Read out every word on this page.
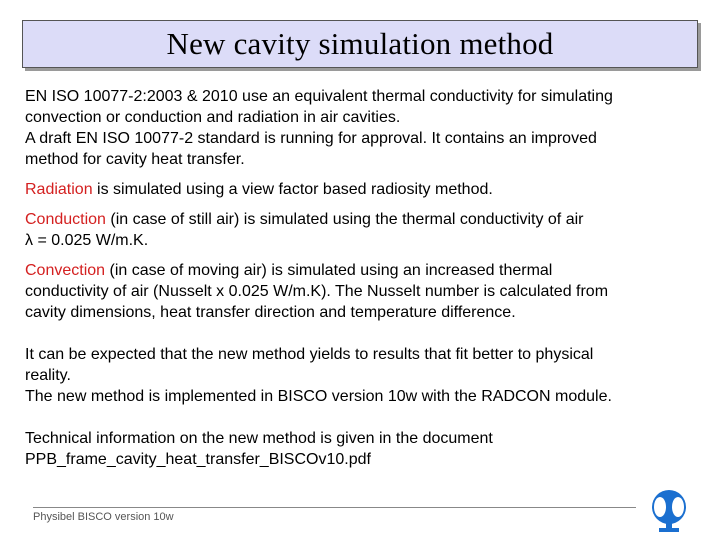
New cavity simulation method

EN ISO 10077-2:2003 & 2010 use an equivalent thermal conductivity for simulating

convection or conduction and radiation in air cavities.

A draft EN ISO 10077-2 standard is running for approval. It contains an improved

method for cavity heat transfer.

Radiation is simulated using a view factor based radiosity method.

Conduction (in case of still air) is simulated using the thermal conductivity of air

λ = 0.025 W/m.K.

Convection (in case of moving air) is simulated using an increased thermal

conductivity of air (Nusselt x 0.025 W/m.K). The Nusselt number is calculated from

cavity dimensions, heat transfer direction and temperature difference.

It can be expected that the new method yields to results that fit better to physical

reality.

The new method is implemented in BISCO version 10w with the RADCON module.

Technical information on the new method is given in the document

PPB_frame_cavity_heat_transfer_BISCOv10.pdf

Physibel BISCO version 10w
